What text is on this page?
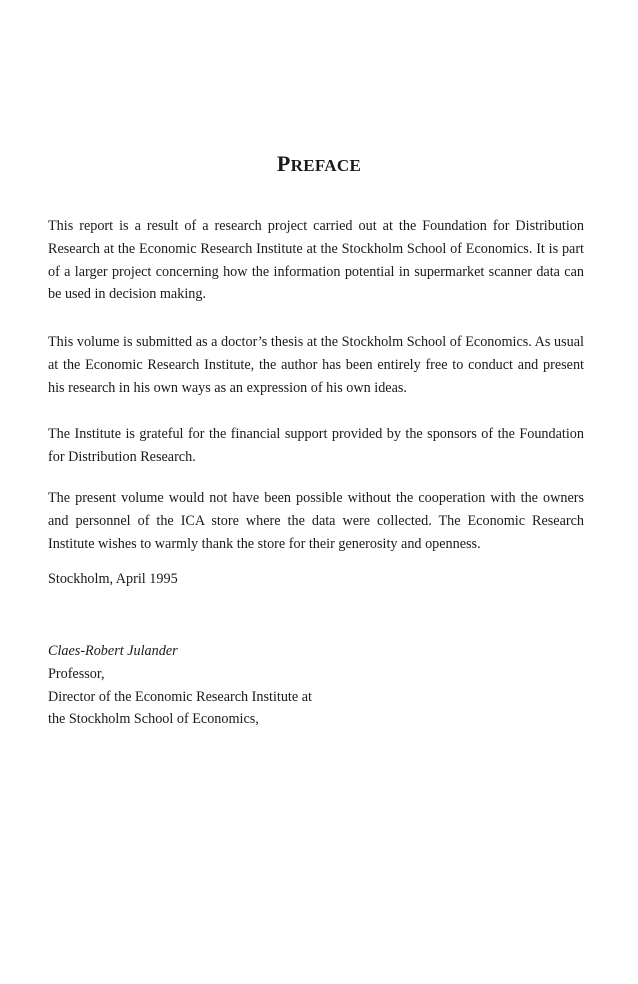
PREFACE

This report is a result of a research project carried out at the Foundation for Distribution Research at the Economic Research Institute at the Stockholm School of Economics. It is part of a larger project concerning how the information potential in supermarket scanner data can be used in decision making.

This volume is submitted as a doctor’s thesis at the Stockholm School of Economics. As usual at the Economic Research Institute, the author has been entirely free to conduct and present his research in his own ways as an expression of his own ideas.

The Institute is grateful for the financial support provided by the sponsors of the Foundation for Distribution Research.

The present volume would not have been possible without the cooperation with the owners and personnel of the ICA store where the data were collected. The Economic Research Institute wishes to warmly thank the store for their generosity and openness.

Stockholm, April 1995

Claes-Robert Julander
Professor,
Director of the Economic Research Institute at
the Stockholm School of Economics,
